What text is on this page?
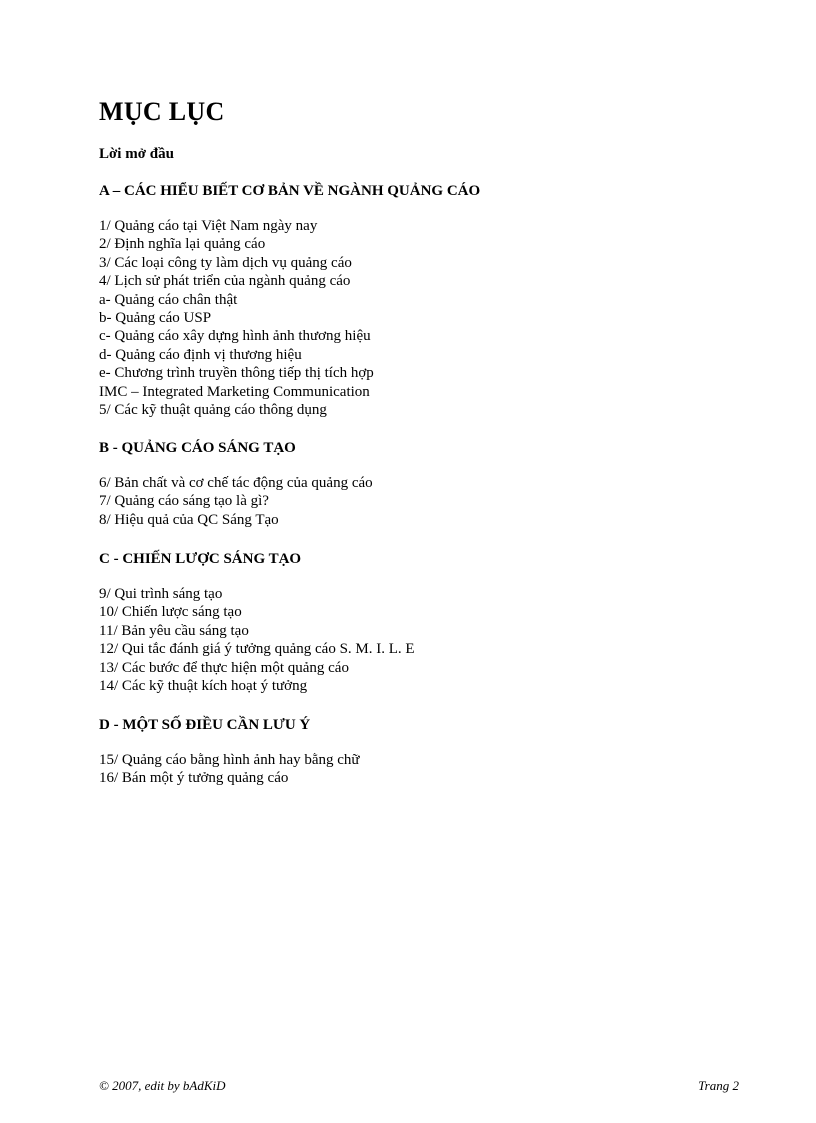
MỤC LỤC

Lời mở đầu

A – CÁC HIỂU BIẾT CƠ BẢN VỀ NGÀNH QUẢNG CÁO
1/ Quảng cáo tại Việt Nam ngày nay
2/ Định nghĩa lại quảng cáo
3/ Các loại công ty làm dịch vụ quảng cáo
4/ Lịch sử phát triển của ngành quảng cáo
a- Quảng cáo chân thật
b- Quảng cáo USP
c- Quảng cáo xây dựng hình ảnh thương hiệu
d- Quảng cáo định vị thương hiệu
e- Chương trình truyền thông tiếp thị tích hợp
IMC – Integrated Marketing Communication
5/ Các kỹ thuật quảng cáo thông dụng
B - QUẢNG CÁO SÁNG TẠO
6/ Bản chất và cơ chế tác động của quảng cáo
7/ Quảng cáo sáng tạo là gì?
8/ Hiệu quả của QC Sáng Tạo
C - CHIẾN LƯỢC SÁNG TẠO
9/ Qui trình sáng tạo
10/ Chiến lược sáng tạo
11/ Bản yêu cầu sáng tạo
12/ Qui tắc đánh giá ý tưởng quảng cáo S. M. I. L. E
13/ Các bước để thực hiện một quảng cáo
14/ Các kỹ thuật kích hoạt ý tưởng
D - MỘT SỐ ĐIỀU CẦN LƯU Ý
15/ Quảng cáo bằng hình ảnh hay bằng chữ
16/ Bán một ý tưởng quảng cáo
© 2007, edit by bAdKiD	Trang 2
